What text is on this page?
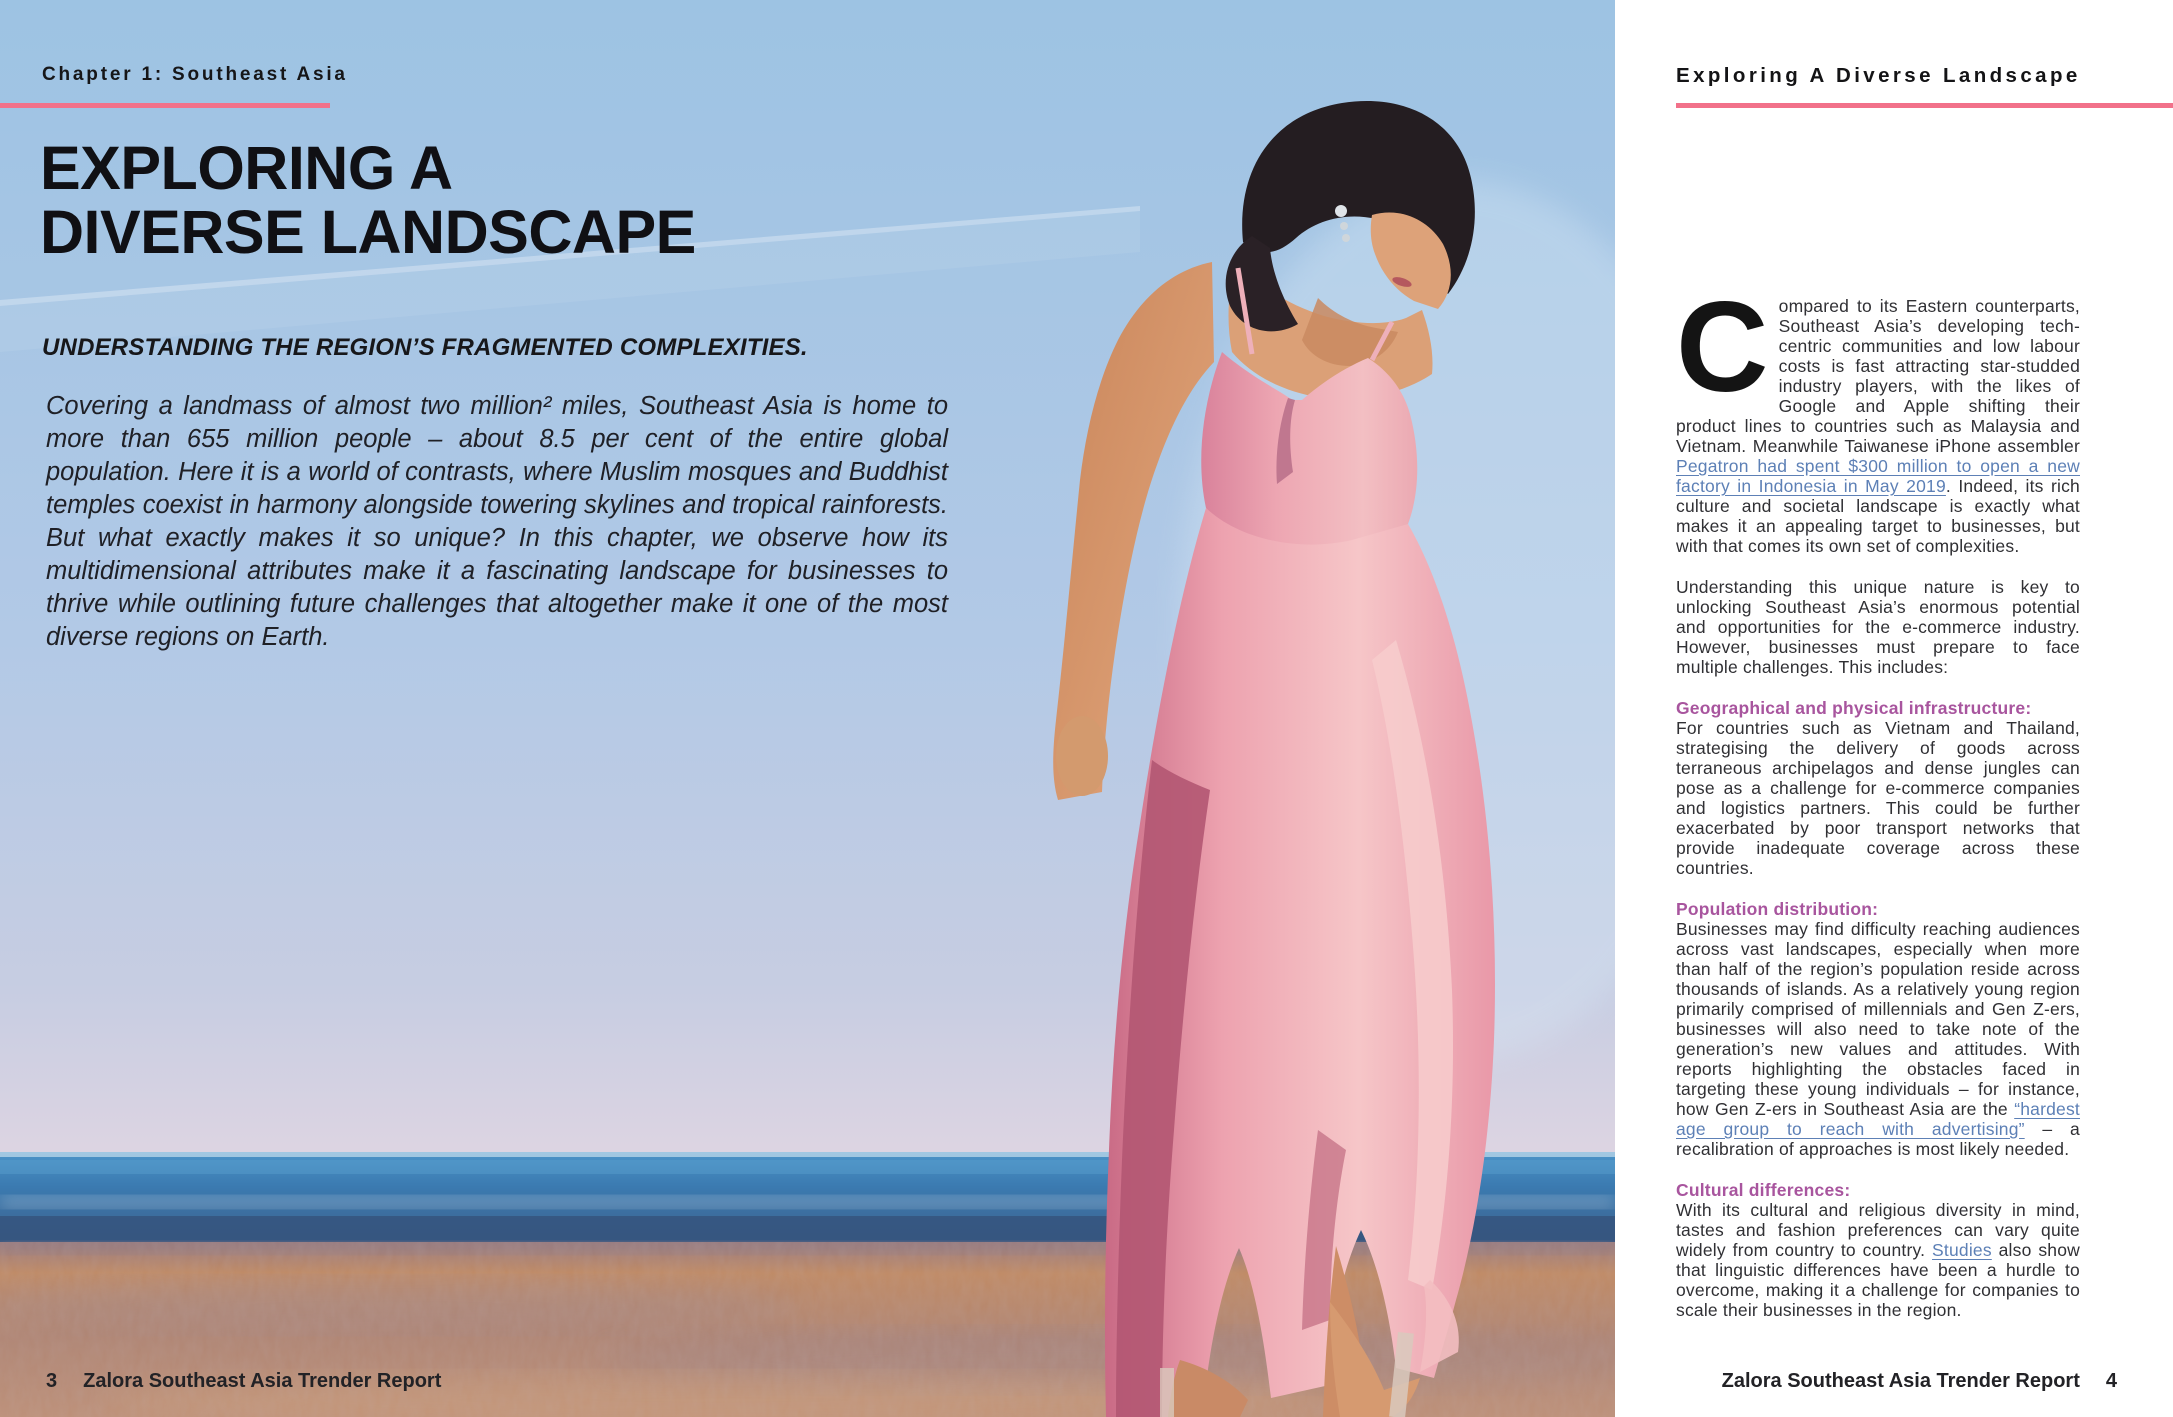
Chapter 1: Southeast Asia
EXPLORING A
DIVERSE LANDSCAPE
UNDERSTANDING THE REGION’S FRAGMENTED COMPLEXITIES.

Covering a landmass of almost two million² miles, Southeast Asia is home to more than 655 million people – about 8.5 per cent of the entire global population. Here it is a world of contrasts, where Muslim mosques and Buddhist temples coexist in harmony alongside towering skylines and tropical rainforests. But what exactly makes it so unique? In this chapter, we observe how its multidimensional attributes make it a fascinating landscape for businesses to thrive while outlining future challenges that altogether make it one of the most diverse regions on Earth.

3 Zalora Southeast Asia Trender Report
Exploring A Diverse Landscape

Compared to its Eastern counterparts, Southeast Asia’s developing tech-centric communities and low labour costs is fast attracting star-studded industry players, with the likes of Google and Apple shifting their product lines to countries such as Malaysia and Vietnam. Meanwhile Taiwanese iPhone assembler Pegatron had spent $300 million to open a new factory in Indonesia in May 2019. Indeed, its rich culture and societal landscape is exactly what makes it an appealing target to businesses, but with that comes its own set of complexities.

Understanding this unique nature is key to unlocking Southeast Asia’s enormous potential and opportunities for the e-commerce industry. However, businesses must prepare to face multiple challenges. This includes:

Geographical and physical infrastructure:

For countries such as Vietnam and Thailand, strategising the delivery of goods across terraneous archipelagos and dense jungles can pose as a challenge for e-commerce companies and logistics partners. This could be further exacerbated by poor transport networks that provide inadequate coverage across these countries.

Population distribution:

Businesses may find difficulty reaching audiences across vast landscapes, especially when more than half of the region’s population reside across thousands of islands. As a relatively young region primarily comprised of millennials and Gen Z-ers, businesses will also need to take note of the generation’s new values and attitudes. With reports highlighting the obstacles faced in targeting these young individuals – for instance, how Gen Z-ers in Southeast Asia are the “hardest age group to reach with advertising” – a recalibration of approaches is most likely needed.

Cultural differences:

With its cultural and religious diversity in mind, tastes and fashion preferences can vary quite widely from country to country. Studies also show that linguistic differences have been a hurdle to overcome, making it a challenge for companies to scale their businesses in the region.

Zalora Southeast Asia Trender Report 4
